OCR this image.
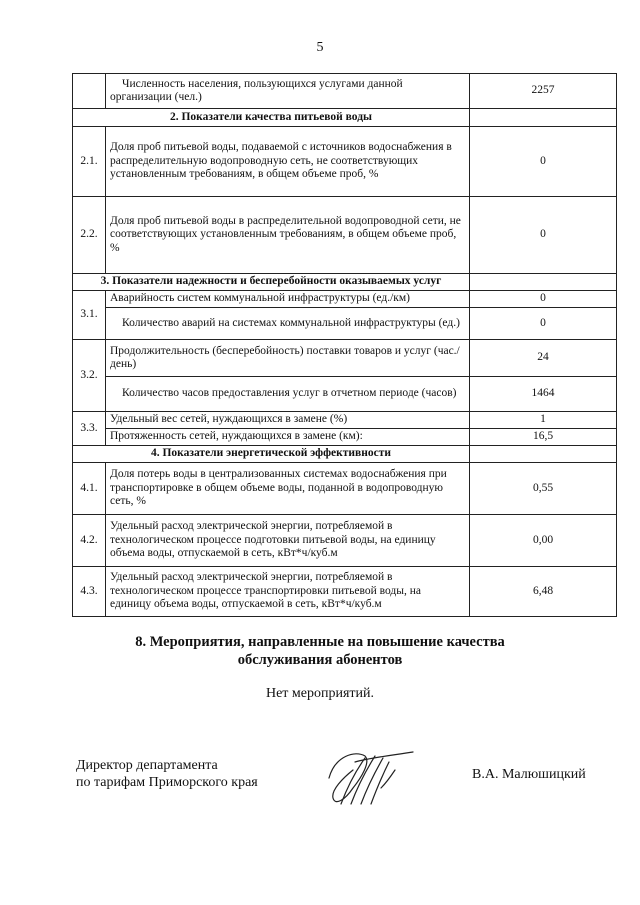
5
	Численность населения, пользующихся услугами данной организации (чел.)	2257
2. Показатели качества питьевой воды		
2.1.	Доля проб питьевой воды, подаваемой с источников водоснабжения в распределительную водопроводную сеть, не соответствующих установленным требованиям, в общем объеме проб, %	0
2.2.	Доля проб питьевой воды в распределительной водопроводной сети, не соответствующих установленным требованиям, в общем объеме проб, %	0
3. Показатели надежности и бесперебойности оказываемых услуг		
3.1.	Аварийность систем коммунальной инфраструктуры (ед./км)	0
	Количество аварий на системах коммунальной инфраструктуры (ед.)	0
3.2.	Продолжительность (бесперебойность) поставки товаров и услуг (час./день)	24
	Количество часов предоставления услуг в отчетном периоде (часов)	1464
3.3.	Удельный вес сетей, нуждающихся в замене (%)	1
	Протяженность сетей, нуждающихся в замене (км):	16,5
4. Показатели энергетической эффективности		
4.1.	Доля потерь воды в централизованных системах водоснабжения при транспортировке в общем объеме воды, поданной в водопроводную сеть, %	0,55
4.2.	Удельный расход электрической энергии, потребляемой в технологическом процессе подготовки питьевой воды, на единицу объема воды, отпускаемой в сеть, кВт*ч/куб.м	0,00
4.3.	Удельный расход электрической энергии, потребляемой в технологическом процессе транспортировки питьевой воды, на единицу объема воды, отпускаемой в сеть, кВт*ч/куб.м	6,48
8. Мероприятия, направленные на повышение качества
обслуживания абонентов
Нет мероприятий.
Директор департамента
по тарифам Приморского края
В.А. Малюшицкий
